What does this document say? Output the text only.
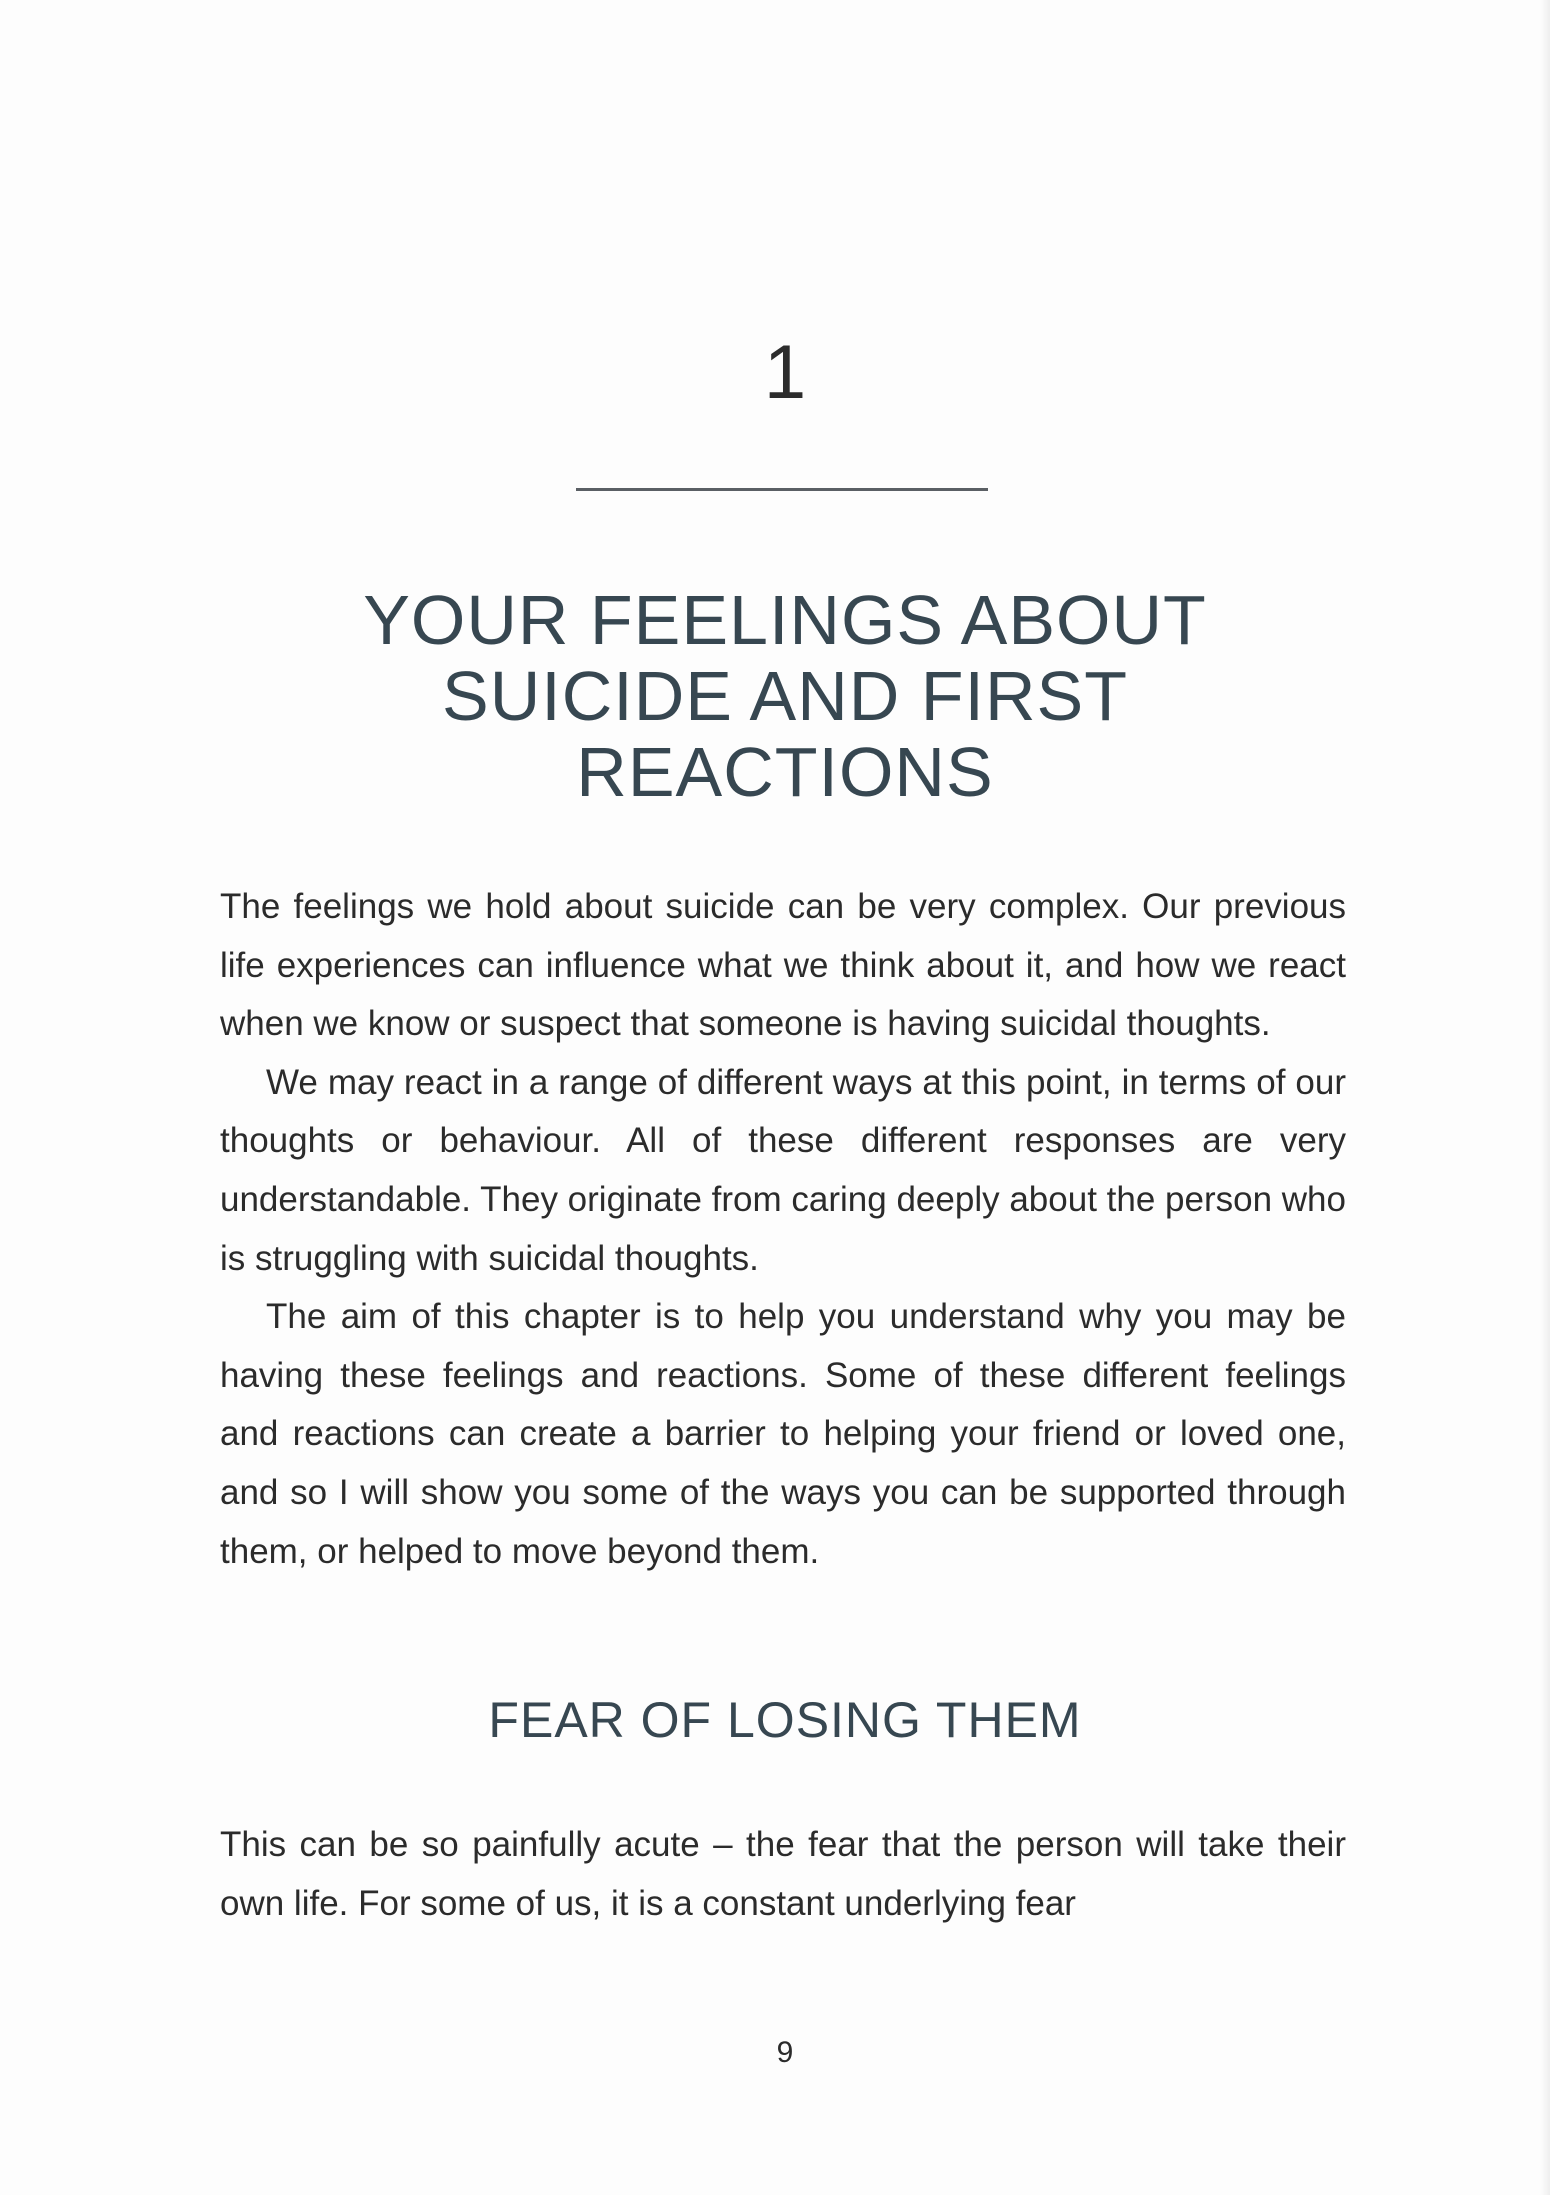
1
YOUR FEELINGS ABOUT SUICIDE AND FIRST REACTIONS

The feelings we hold about suicide can be very complex. Our previous life experiences can influence what we think about it, and how we react when we know or suspect that someone is having suicidal thoughts.

We may react in a range of different ways at this point, in terms of our thoughts or behaviour. All of these different responses are very understandable. They originate from caring deeply about the person who is struggling with suicidal thoughts.

The aim of this chapter is to help you understand why you may be having these feelings and reactions. Some of these different feelings and reactions can create a barrier to helping your friend or loved one, and so I will show you some of the ways you can be supported through them, or helped to move beyond them.

FEAR OF LOSING THEM

This can be so painfully acute – the fear that the person will take their own life. For some of us, it is a constant underlying fear

9
